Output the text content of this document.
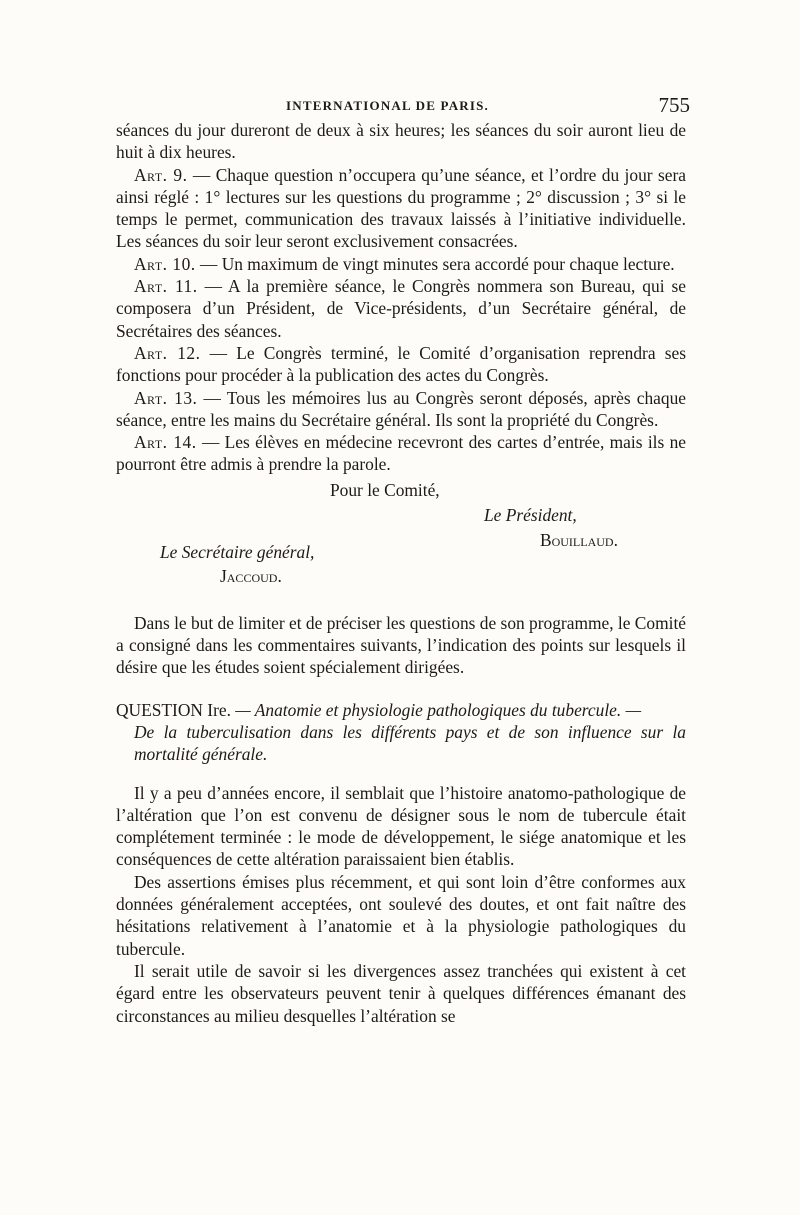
INTERNATIONAL DE PARIS.	755

séances du jour dureront de deux à six heures; les séances du soir auront lieu de huit à dix heures.

Art. 9. — Chaque question n’occupera qu’une séance, et l’ordre du jour sera ainsi réglé : 1° lectures sur les questions du programme ; 2° discussion ; 3° si le temps le permet, communication des travaux laissés à l’initiative individuelle. Les séances du soir leur seront exclusivement consacrées.

Art. 10. — Un maximum de vingt minutes sera accordé pour chaque lecture.

Art. 11. — A la première séance, le Congrès nommera son Bureau, qui se composera d’un Président, de Vice-présidents, d’un Secrétaire général, de Secrétaires des séances.

Art. 12. — Le Congrès terminé, le Comité d’organisation reprendra ses fonctions pour procéder à la publication des actes du Congrès.

Art. 13. — Tous les mémoires lus au Congrès seront déposés, après chaque séance, entre les mains du Secrétaire général. Ils sont la propriété du Congrès.

Art. 14. — Les élèves en médecine recevront des cartes d’entrée, mais ils ne pourront être admis à prendre la parole.

Pour le Comité,
Le Président,
Bouillaud.
Le Secrétaire général,
Jaccoud.

Dans le but de limiter et de préciser les questions de son programme, le Comité a consigné dans les commentaires suivants, l’indication des points sur lesquels il désire que les études soient spécialement dirigées.

QUESTION Ire. — Anatomie et physiologie pathologiques du tubercule. —

De la tuberculisation dans les différents pays et de son influence sur la mortalité générale.

Il y a peu d’années encore, il semblait que l’histoire anatomo-pathologique de l’altération que l’on est convenu de désigner sous le nom de tubercule était complétement terminée : le mode de développement, le siége anatomique et les conséquences de cette altération paraissaient bien établis.

Des assertions émises plus récemment, et qui sont loin d’être conformes aux données généralement acceptées, ont soulevé des doutes, et ont fait naître des hésitations relativement à l’anatomie et à la physiologie pathologiques du tubercule.

Il serait utile de savoir si les divergences assez tranchées qui existent à cet égard entre les observateurs peuvent tenir à quelques différences émanant des circonstances au milieu desquelles l’altération se
